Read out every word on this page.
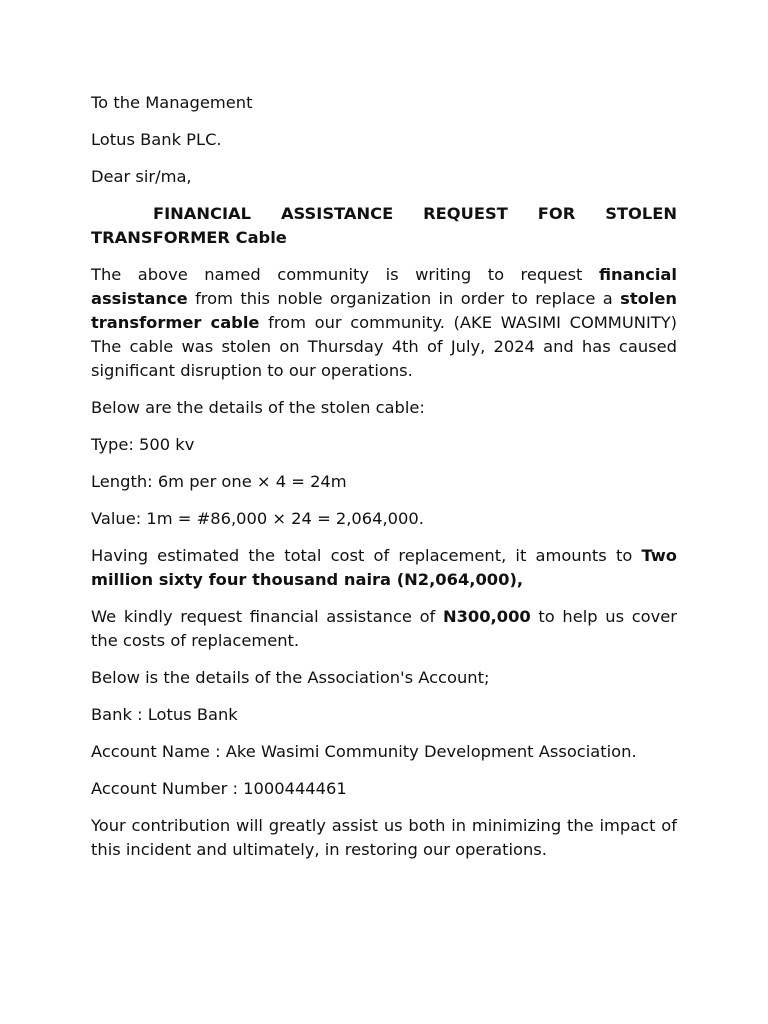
To the Management

Lotus Bank PLC.

Dear sir/ma,

FINANCIAL ASSISTANCE REQUEST FOR STOLEN TRANSFORMER Cable

The above named community is writing to request financial assistance from this noble organization in order to replace a stolen transformer cable from our community. (AKE WASIMI COMMUNITY) The cable was stolen on Thursday 4th of July, 2024 and has caused significant disruption to our operations.

Below are the details of the stolen cable:

Type: 500 kv

Length: 6m per one × 4 = 24m

Value: 1m = #86,000 × 24 = 2,064,000.

Having estimated the total cost of replacement, it amounts to Two million sixty four thousand naira (N2,064,000),

We kindly request financial assistance of N300,000 to help us cover the costs of replacement.

Below is the details of the Association's Account;

Bank : Lotus Bank

Account Name : Ake Wasimi Community Development Association.

Account Number : 1000444461

Your contribution will greatly assist us both in minimizing the impact of this incident and ultimately, in restoring our operations.
